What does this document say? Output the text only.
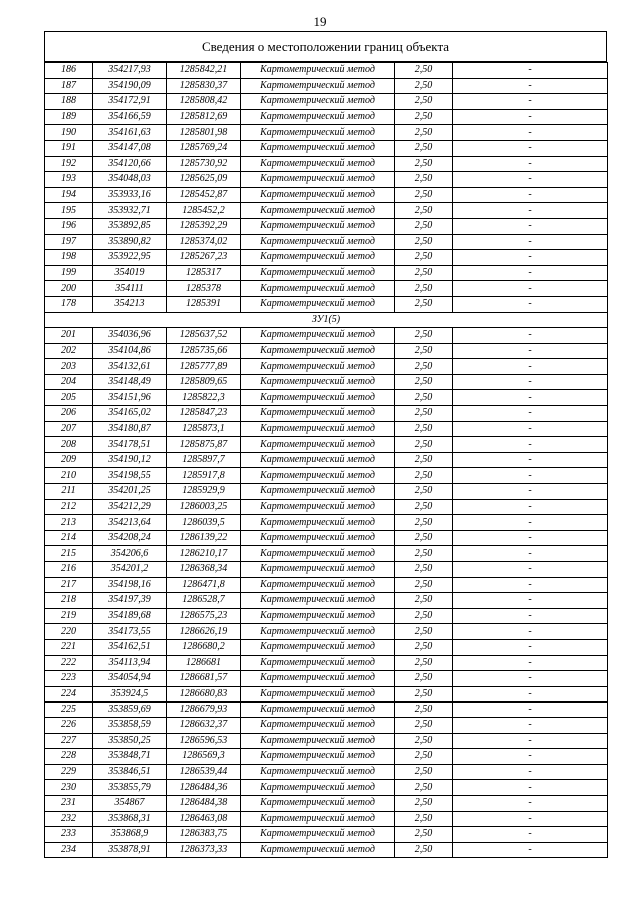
19
Сведения о местоположении границ объекта
186	354217,93	1285842,21	Картометрический метод	2,50	-
187	354190,09	1285830,37	Картометрический метод	2,50	-
188	354172,91	1285808,42	Картометрический метод	2,50	-
189	354166,59	1285812,69	Картометрический метод	2,50	-
190	354161,63	1285801,98	Картометрический метод	2,50	-
191	354147,08	1285769,24	Картометрический метод	2,50	-
192	354120,66	1285730,92	Картометрический метод	2,50	-
193	354048,03	1285625,09	Картометрический метод	2,50	-
194	353933,16	1285452,87	Картометрический метод	2,50	-
195	353932,71	1285452,2	Картометрический метод	2,50	-
196	353892,85	1285392,29	Картометрический метод	2,50	-
197	353890,82	1285374,02	Картометрический метод	2,50	-
198	353922,95	1285267,23	Картометрический метод	2,50	-
199	354019	1285317	Картометрический метод	2,50	-
200	354111	1285378	Картометрический метод	2,50	-
178	354213	1285391	Картометрический метод	2,50	-
ЗУ1(5)					
201	354036,96	1285637,52	Картометрический метод	2,50	-
202	354104,86	1285735,66	Картометрический метод	2,50	-
203	354132,61	1285777,89	Картометрический метод	2,50	-
204	354148,49	1285809,65	Картометрический метод	2,50	-
205	354151,96	1285822,3	Картометрический метод	2,50	-
206	354165,02	1285847,23	Картометрический метод	2,50	-
207	354180,87	1285873,1	Картометрический метод	2,50	-
208	354178,51	1285875,87	Картометрический метод	2,50	-
209	354190,12	1285897,7	Картометрический метод	2,50	-
210	354198,55	1285917,8	Картометрический метод	2,50	-
211	354201,25	1285929,9	Картометрический метод	2,50	-
212	354212,29	1286003,25	Картометрический метод	2,50	-
213	354213,64	1286039,5	Картометрический метод	2,50	-
214	354208,24	1286139,22	Картометрический метод	2,50	-
215	354206,6	1286210,17	Картометрический метод	2,50	-
216	354201,2	1286368,34	Картометрический метод	2,50	-
217	354198,16	1286471,8	Картометрический метод	2,50	-
218	354197,39	1286528,7	Картометрический метод	2,50	-
219	354189,68	1286575,23	Картометрический метод	2,50	-
220	354173,55	1286626,19	Картометрический метод	2,50	-
221	354162,51	1286680,2	Картометрический метод	2,50	-
222	354113,94	1286681	Картометрический метод	2,50	-
223	354054,94	1286681,57	Картометрический метод	2,50	-
224	353924,5	1286680,83	Картометрический метод	2,50	-
225	353859,69	1286679,93	Картометрический метод	2,50	-
226	353858,59	1286632,37	Картометрический метод	2,50	-
227	353850,25	1286596,53	Картометрический метод	2,50	-
228	353848,71	1286569,3	Картометрический метод	2,50	-
229	353846,51	1286539,44	Картометрический метод	2,50	-
230	353855,79	1286484,36	Картометрический метод	2,50	-
231	354867	1286484,38	Картометрический метод	2,50	-
232	353868,31	1286463,08	Картометрический метод	2,50	-
233	353868,9	1286383,75	Картометрический метод	2,50	-
234	353878,91	1286373,33	Картометрический метод	2,50	-
